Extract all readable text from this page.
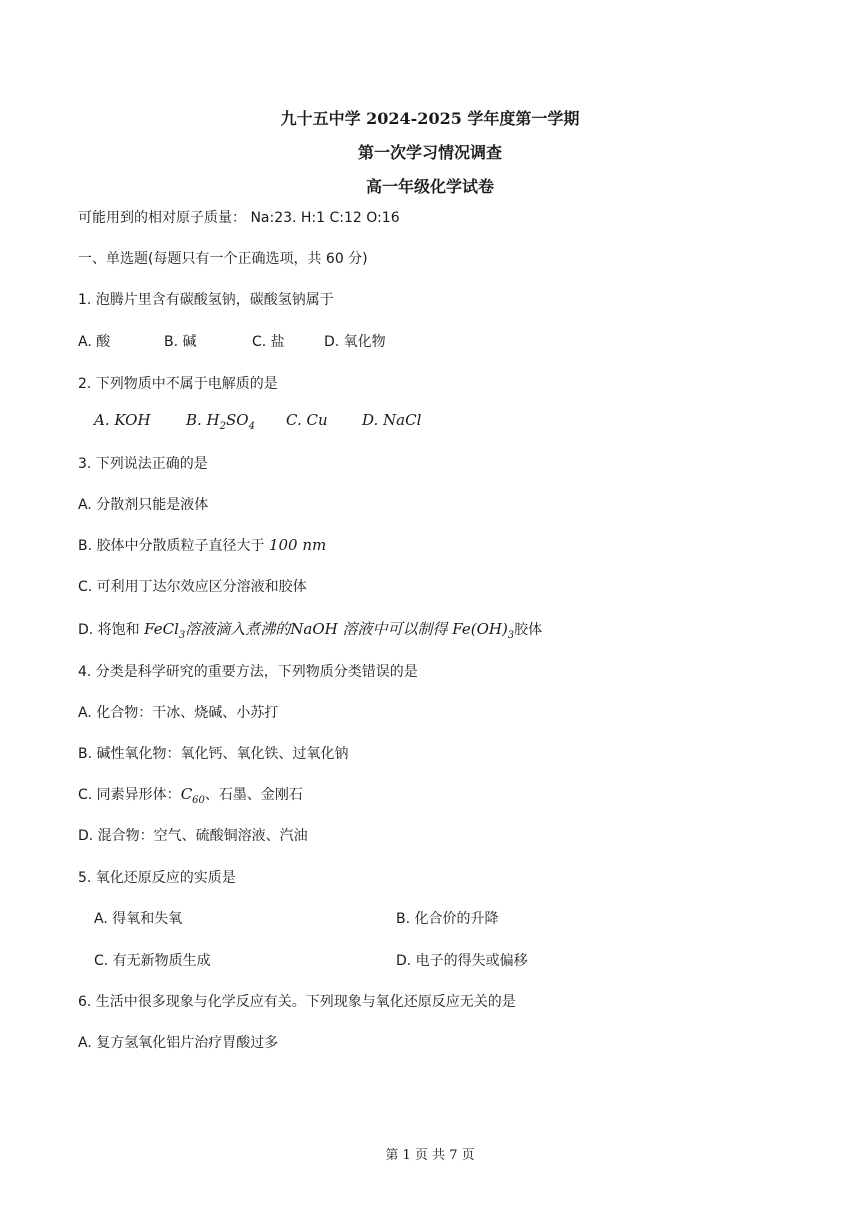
九十五中学 2024-2025 学年度第一学期
第一次学习情况调查
高一年级化学试卷
可能用到的相对原子质量： Na:23. H:1 C:12 O:16
一、单选题(每题只有一个正确选项，共 60 分)
1. 泡腾片里含有碳酸氢钠，碳酸氢钠属于
A. 酸	B. 碱	C. 盐	D. 氧化物
2. 下列物质中不属于电解质的是
A. KOH B. $H_2SO_4$ C. Cu D. NaCl
3. 下列说法正确的是
A. 分散剂只能是液体
B. 胶体中分散质粒子直径大于 100 nm
C. 可利用丁达尔效应区分溶液和胶体
D. 将饱和 FeCl$_3$溶液滴入煮沸的NaOH 溶液中可以制得 $Fe(OH)_3$胶体
4. 分类是科学研究的重要方法，下列物质分类错误的是
A. 化合物：干冰、烧碱、小苏打
B. 碱性氧化物：氧化钙、氧化铁、过氧化钠
C. 同素异形体：$C_{60}$、石墨、金刚石
D. 混合物：空气、硫酸铜溶液、汽油
5. 氧化还原反应的实质是
A. 得氧和失氧	B. 化合价的升降
C. 有无新物质生成	D. 电子的得失或偏移
6. 生活中很多现象与化学反应有关。下列现象与氧化还原反应无关的是
A. 复方氢氧化铝片治疗胃酸过多
第 1 页 共 7 页
